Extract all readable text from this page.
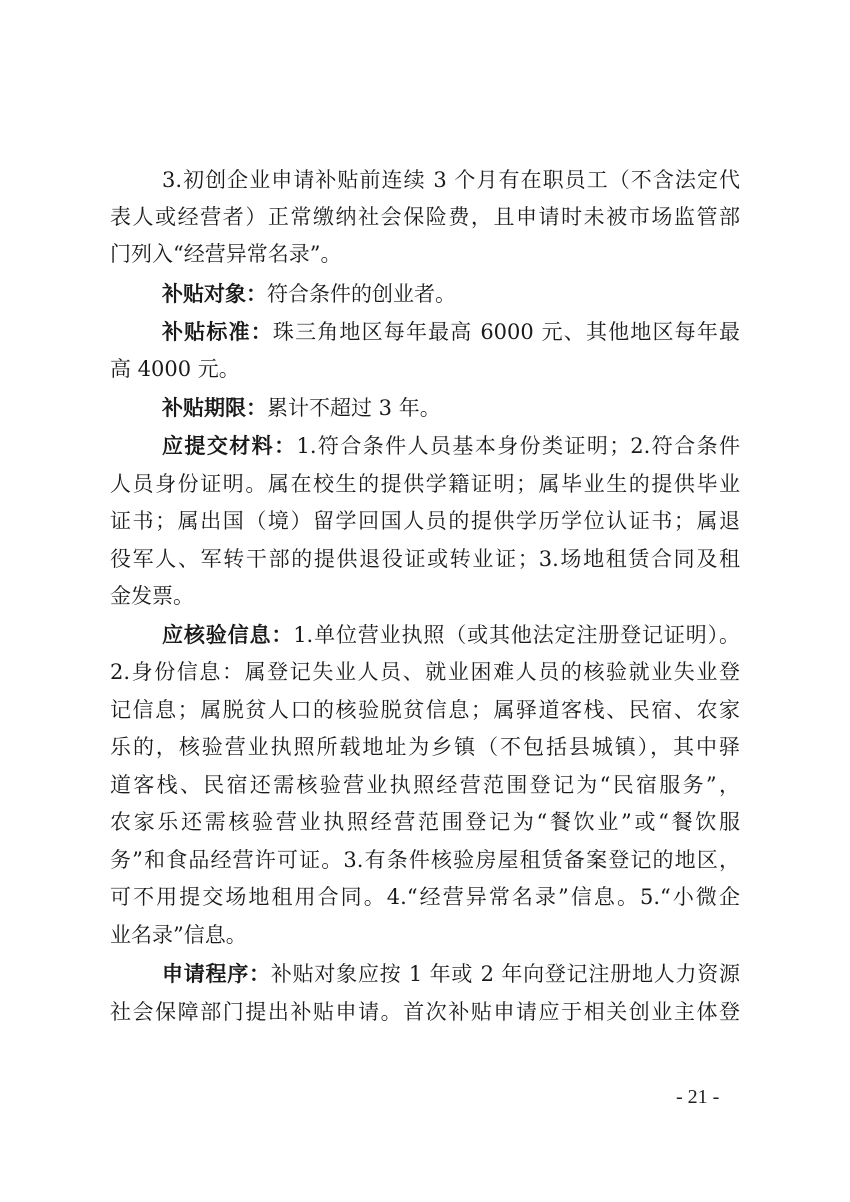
3.初创企业申请补贴前连续 3 个月有在职员工（不含法定代
表人或经营者）正常缴纳社会保险费，且申请时未被市场监管部
门列入“经营异常名录”。
补贴对象：符合条件的创业者。
补贴标准：珠三角地区每年最高 6000 元、其他地区每年最
高 4000 元。
补贴期限：累计不超过 3 年。
应提交材料：1.符合条件人员基本身份类证明；2.符合条件
人员身份证明。属在校生的提供学籍证明；属毕业生的提供毕业
证书；属出国（境）留学回国人员的提供学历学位认证书；属退
役军人、军转干部的提供退役证或转业证；3.场地租赁合同及租
金发票。
应核验信息：1.单位营业执照（或其他法定注册登记证明）。
2.身份信息：属登记失业人员、就业困难人员的核验就业失业登
记信息；属脱贫人口的核验脱贫信息；属驿道客栈、民宿、农家
乐的，核验营业执照所载地址为乡镇（不包括县城镇），其中驿
道客栈、民宿还需核验营业执照经营范围登记为“民宿服务”，
农家乐还需核验营业执照经营范围登记为“餐饮业”或“餐饮服
务”和食品经营许可证。3.有条件核验房屋租赁备案登记的地区，
可不用提交场地租用合同。4.“经营异常名录”信息。5.“小微企
业名录”信息。
申请程序：补贴对象应按 1 年或 2 年向登记注册地人力资源
社会保障部门提出补贴申请。首次补贴申请应于相关创业主体登
- 21 -
